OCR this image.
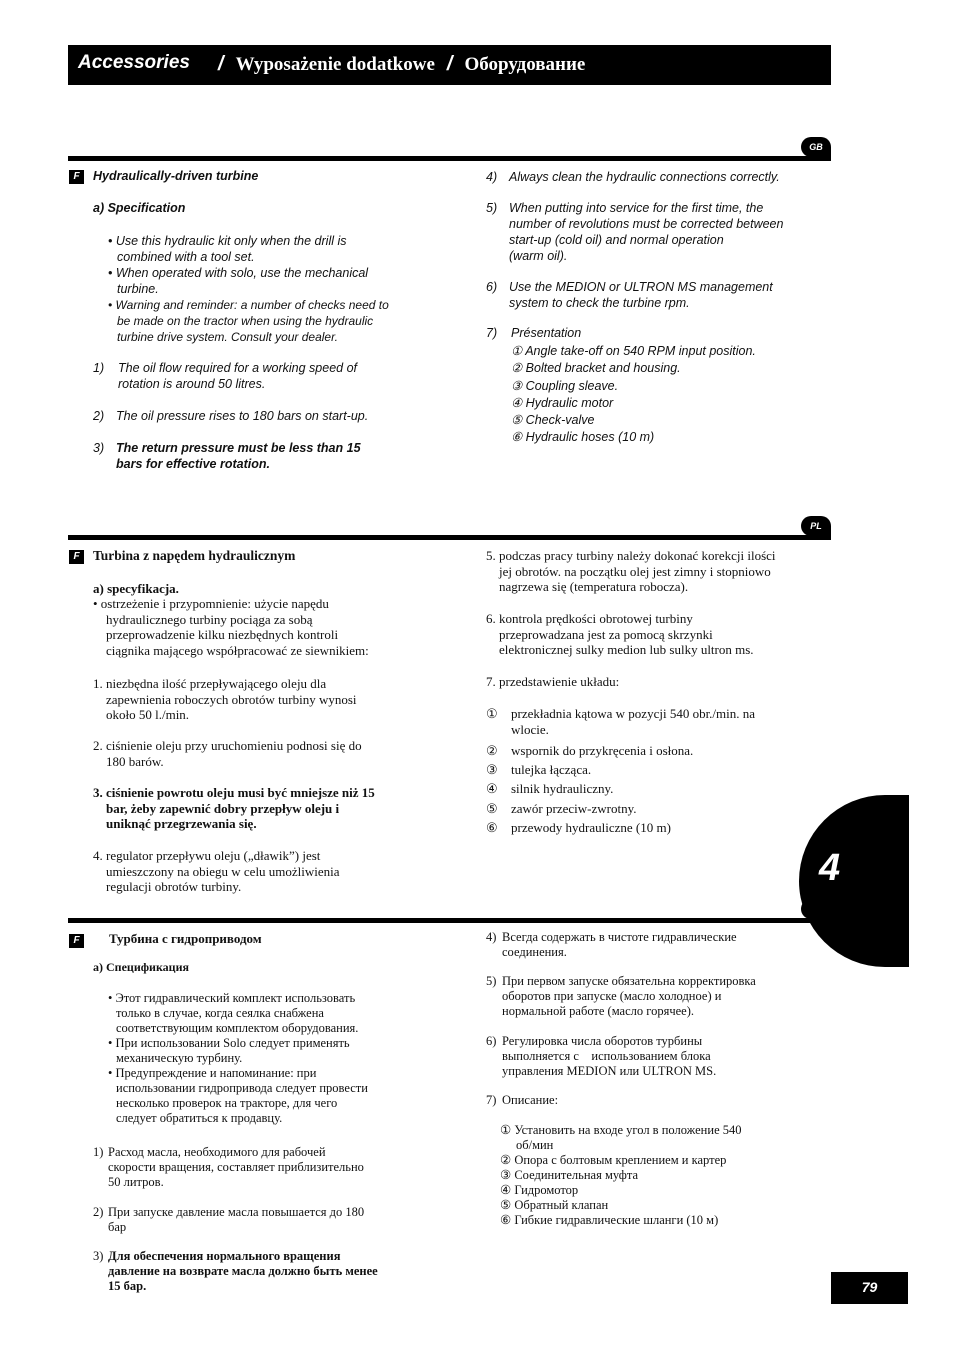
Accessories / Wyposażenie dodatkowe / Оборудование
GB
F	Hydraulically-driven turbine
a) Specification
• Use this hydraulic kit only when the drill is
combined with a tool set.
• When operated with solo, use the mechanical
turbine.
• Warning and reminder: a number of checks need to
be made on the tractor when using the hydraulic
turbine drive system. Consult your dealer.
1) The oil flow required for a working speed of
rotation is around 50 litres.
2) The oil pressure rises to 180 bars on start-up.
3) The return pressure must be less than 15
bars for effective rotation.
4) Always clean the hydraulic connections correctly.
5) When putting into service for the first time, the
number of revolutions must be corrected between
start-up (cold oil) and normal operation
(warm oil).
6) Use the MEDION or ULTRON MS management
system to check the turbine rpm.
7) Présentation
① Angle take-off on 540 RPM input position.
② Bolted bracket and housing.
③ Coupling sleave.
④ Hydraulic motor
⑤ Check-valve
⑥ Hydraulic hoses (10 m)
PL
F Turbina z napędem hydraulicznym
a) specyfikacja.
• ostrzeżenie i przypomnienie: użycie napędu
hydraulicznego turbiny pociąga za sobą
przeprowadzenie kilku niezbędnych kontroli
ciągnika mającego współpracować ze siewnikiem:
1. niezbędna ilość przepływającego oleju dla
zapewnienia roboczych obrotów turbiny wynosi
około 50 l./min.
2. ciśnienie oleju przy uruchomieniu podnosi się do
180 barów.
3. ciśnienie powrotu oleju musi być mniejsze niż 15
bar, żeby zapewnić dobry przepływ oleju i
uniknąć przegrzewania się.
4. regulator przepływu oleju („dławik”) jest
umieszczony na obiegu w celu umożliwienia
regulacji obrotów turbiny.
5. podczas pracy turbiny należy dokonać korekcji ilości
jej obrotów. na początku olej jest zimny i stopniowo
nagrzewa się (temperatura robocza).
6. kontrola prędkości obrotowej turbiny
przeprowadzana jest za pomocą skrzynki
elektronicznej sulky medion lub sulky ultron ms.
7. przedstawienie układu:
① przekładnia kątowa w pozycji 540 obr./min. na
wlocie.
② wspornik do przykręcenia i osłona.
③ tulejka łącząca.
④ silnik hydrauliczny.
⑤ zawór przeciw-zwrotny.
⑥ przewody hydrauliczne (10 m)
F	Турбина с гидроприводом
а) Спецификация
• Этот гидравлический комплект использовать
только в случае, когда сеялка снабжена
соответствующим комплектом оборудования.
• При использовании Solo следует применять
механическую турбину.
• Предупреждение и напоминание: при
использовании гидропривода следует провести
несколько проверок на тракторе, для чего
следует обратиться к продавцу.
1) Расход масла, необходимого для рабочей
скорости вращения, составляет приблизительно
50 литров.
2) При запуске давление масла повышается до 180
бар
3) Для обеспечения нормального вращения
давление на возврате масла должно быть менее
15 бар.
4) Всегда содержать в чистоте гидравлические
соединения.
5) При первом запуске обязательна корректировка
оборотов при запуске (масло холодное) и
нормальной работе (масло горячее).
6) Регулировка числа оборотов турбины
выполняется с    использованием блока
управления MEDION или ULTRON MS.
7) Описание:
① Установить на входе угол в положение 540
об/мин
② Опора с болтовым креплением и картер
③ Соединительная муфта
④ Гидромотор
⑤ Обратный клапан
⑥ Гибкие гидравлические шланги (10 м)
4
79
